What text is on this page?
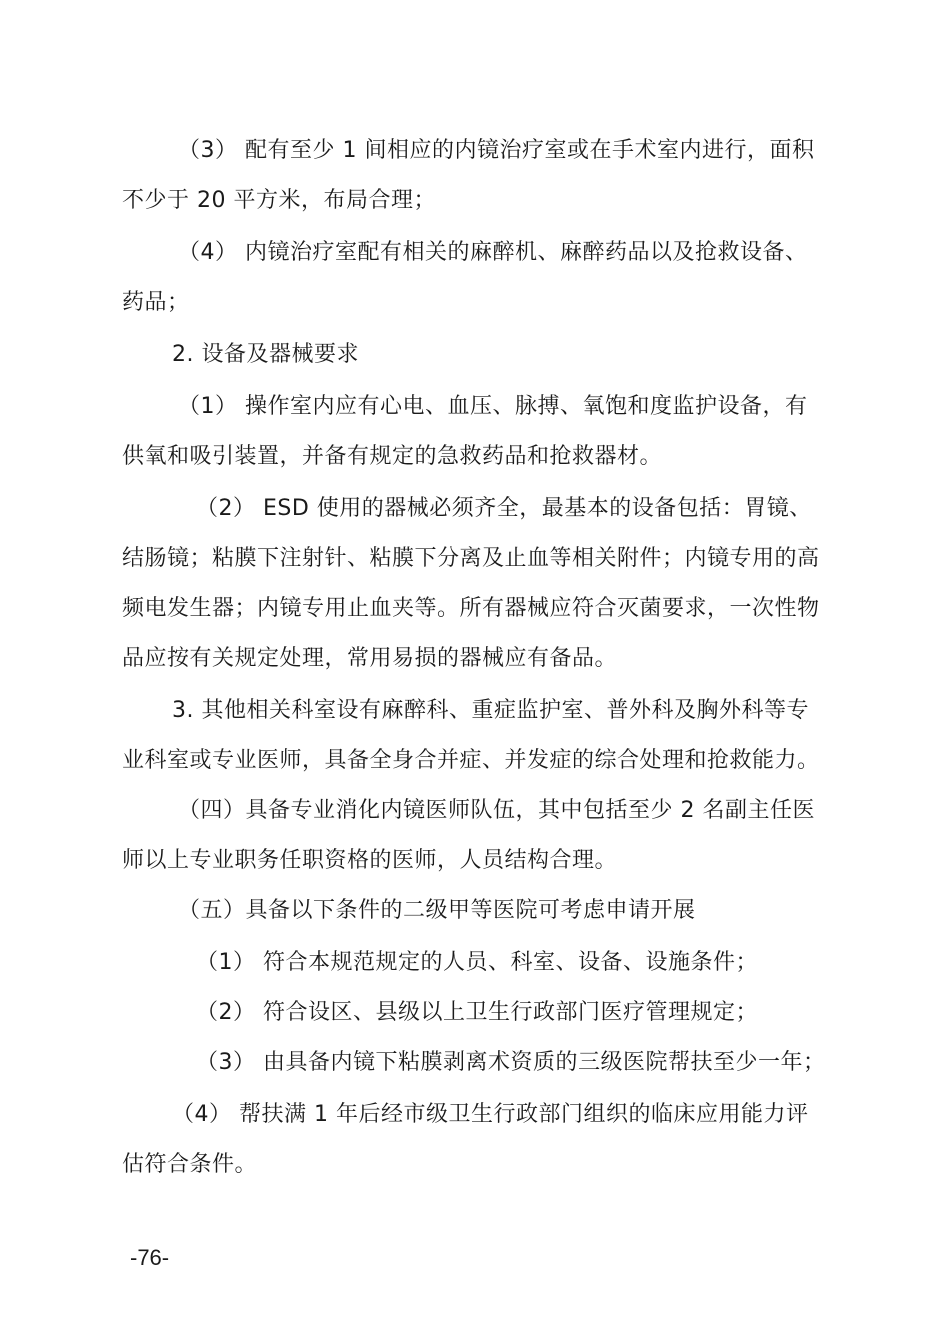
（3） 配有至少 1 间相应的内镜治疗室或在手术室内进行，面积
不少于 20 平方米，布局合理；
（4） 内镜治疗室配有相关的麻醉机、麻醉药品以及抢救设备、
药品；
2. 设备及器械要求
（1） 操作室内应有心电、血压、脉搏、氧饱和度监护设备，有
供氧和吸引装置，并备有规定的急救药品和抢救器材。
（2） ESD 使用的器械必须齐全，最基本的设备包括：胃镜、
结肠镜；粘膜下注射针、粘膜下分离及止血等相关附件；内镜专用的高
频电发生器；内镜专用止血夹等。所有器械应符合灭菌要求，一次性物
品应按有关规定处理，常用易损的器械应有备品。
3. 其他相关科室设有麻醉科、重症监护室、普外科及胸外科等专
业科室或专业医师，具备全身合并症、并发症的综合处理和抢救能力。
（四）具备专业消化内镜医师队伍，其中包括至少 2 名副主任医
师以上专业职务任职资格的医师，人员结构合理。
（五）具备以下条件的二级甲等医院可考虑申请开展
（1） 符合本规范规定的人员、科室、设备、设施条件；
（2） 符合设区、县级以上卫生行政部门医疗管理规定；
（3） 由具备内镜下粘膜剥离术资质的三级医院帮扶至少一年；
（4） 帮扶满 1 年后经市级卫生行政部门组织的临床应用能力评
估符合条件。
-76-
